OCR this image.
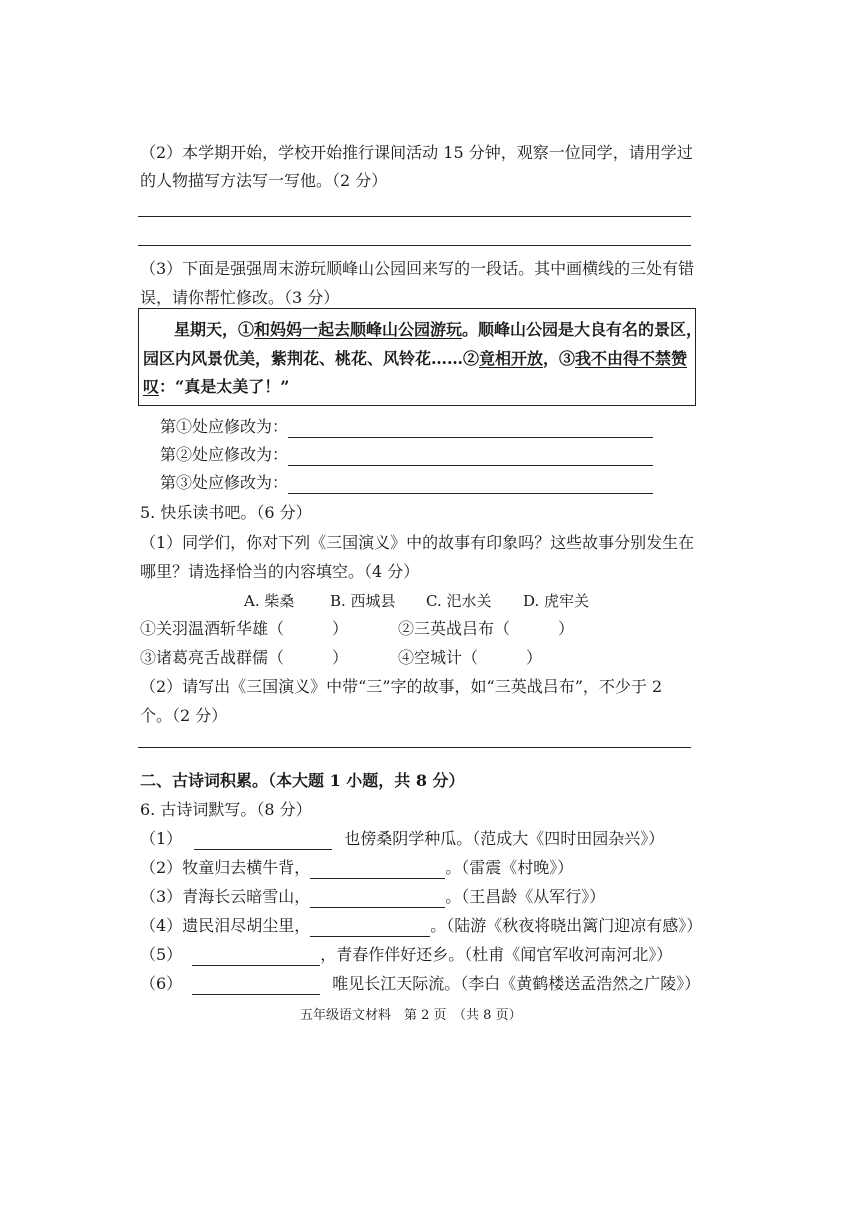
（2）本学期开始，学校开始推行课间活动 15 分钟，观察一位同学，请用学过
的人物描写方法写一写他。（2 分）
（3）下面是强强周末游玩顺峰山公园回来写的一段话。其中画横线的三处有错
误，请你帮忙修改。（3 分）
星期天，①和妈妈一起去顺峰山公园游玩。顺峰山公园是大良有名的景区，
园区内风景优美，紫荆花、桃花、风铃花……②竟相开放，③我不由得不禁赞
叹：“真是太美了！”
第①处应修改为：
第②处应修改为：
第③处应修改为：
5. 快乐读书吧。（6 分）
（1）同学们，你对下列《三国演义》中的故事有印象吗？这些故事分别发生在
哪里？请选择恰当的内容填空。（4 分）
A. 柴桑 B. 西城县 C. 汜水关 D. 虎牢关
①关羽温酒斩华雄（　　　）	②三英战吕布（　　　）
③诸葛亮舌战群儒（　　　）	④空城计（　　　）
（2）请写出《三国演义》中带“三”字的故事，如“三英战吕布”，不少于 2
个。（2 分）
二、古诗词积累。（本大题 1 小题，共 8 分）
6. 古诗词默写。（8 分）
（1）	也傍桑阴学种瓜。（范成大《四时田园杂兴》）
（2）牧童归去横牛背，	。（雷震《村晚》）
（3）青海长云暗雪山，	。（王昌龄《从军行》）
（4）遗民泪尽胡尘里，	。（陆游《秋夜将晓出篱门迎凉有感》）
（5）	，青春作伴好还乡。（杜甫《闻官军收河南河北》）
（6）	唯见长江天际流。（李白《黄鹤楼送孟浩然之广陵》）
五年级语文材料　第 2 页　（共 8 页）
